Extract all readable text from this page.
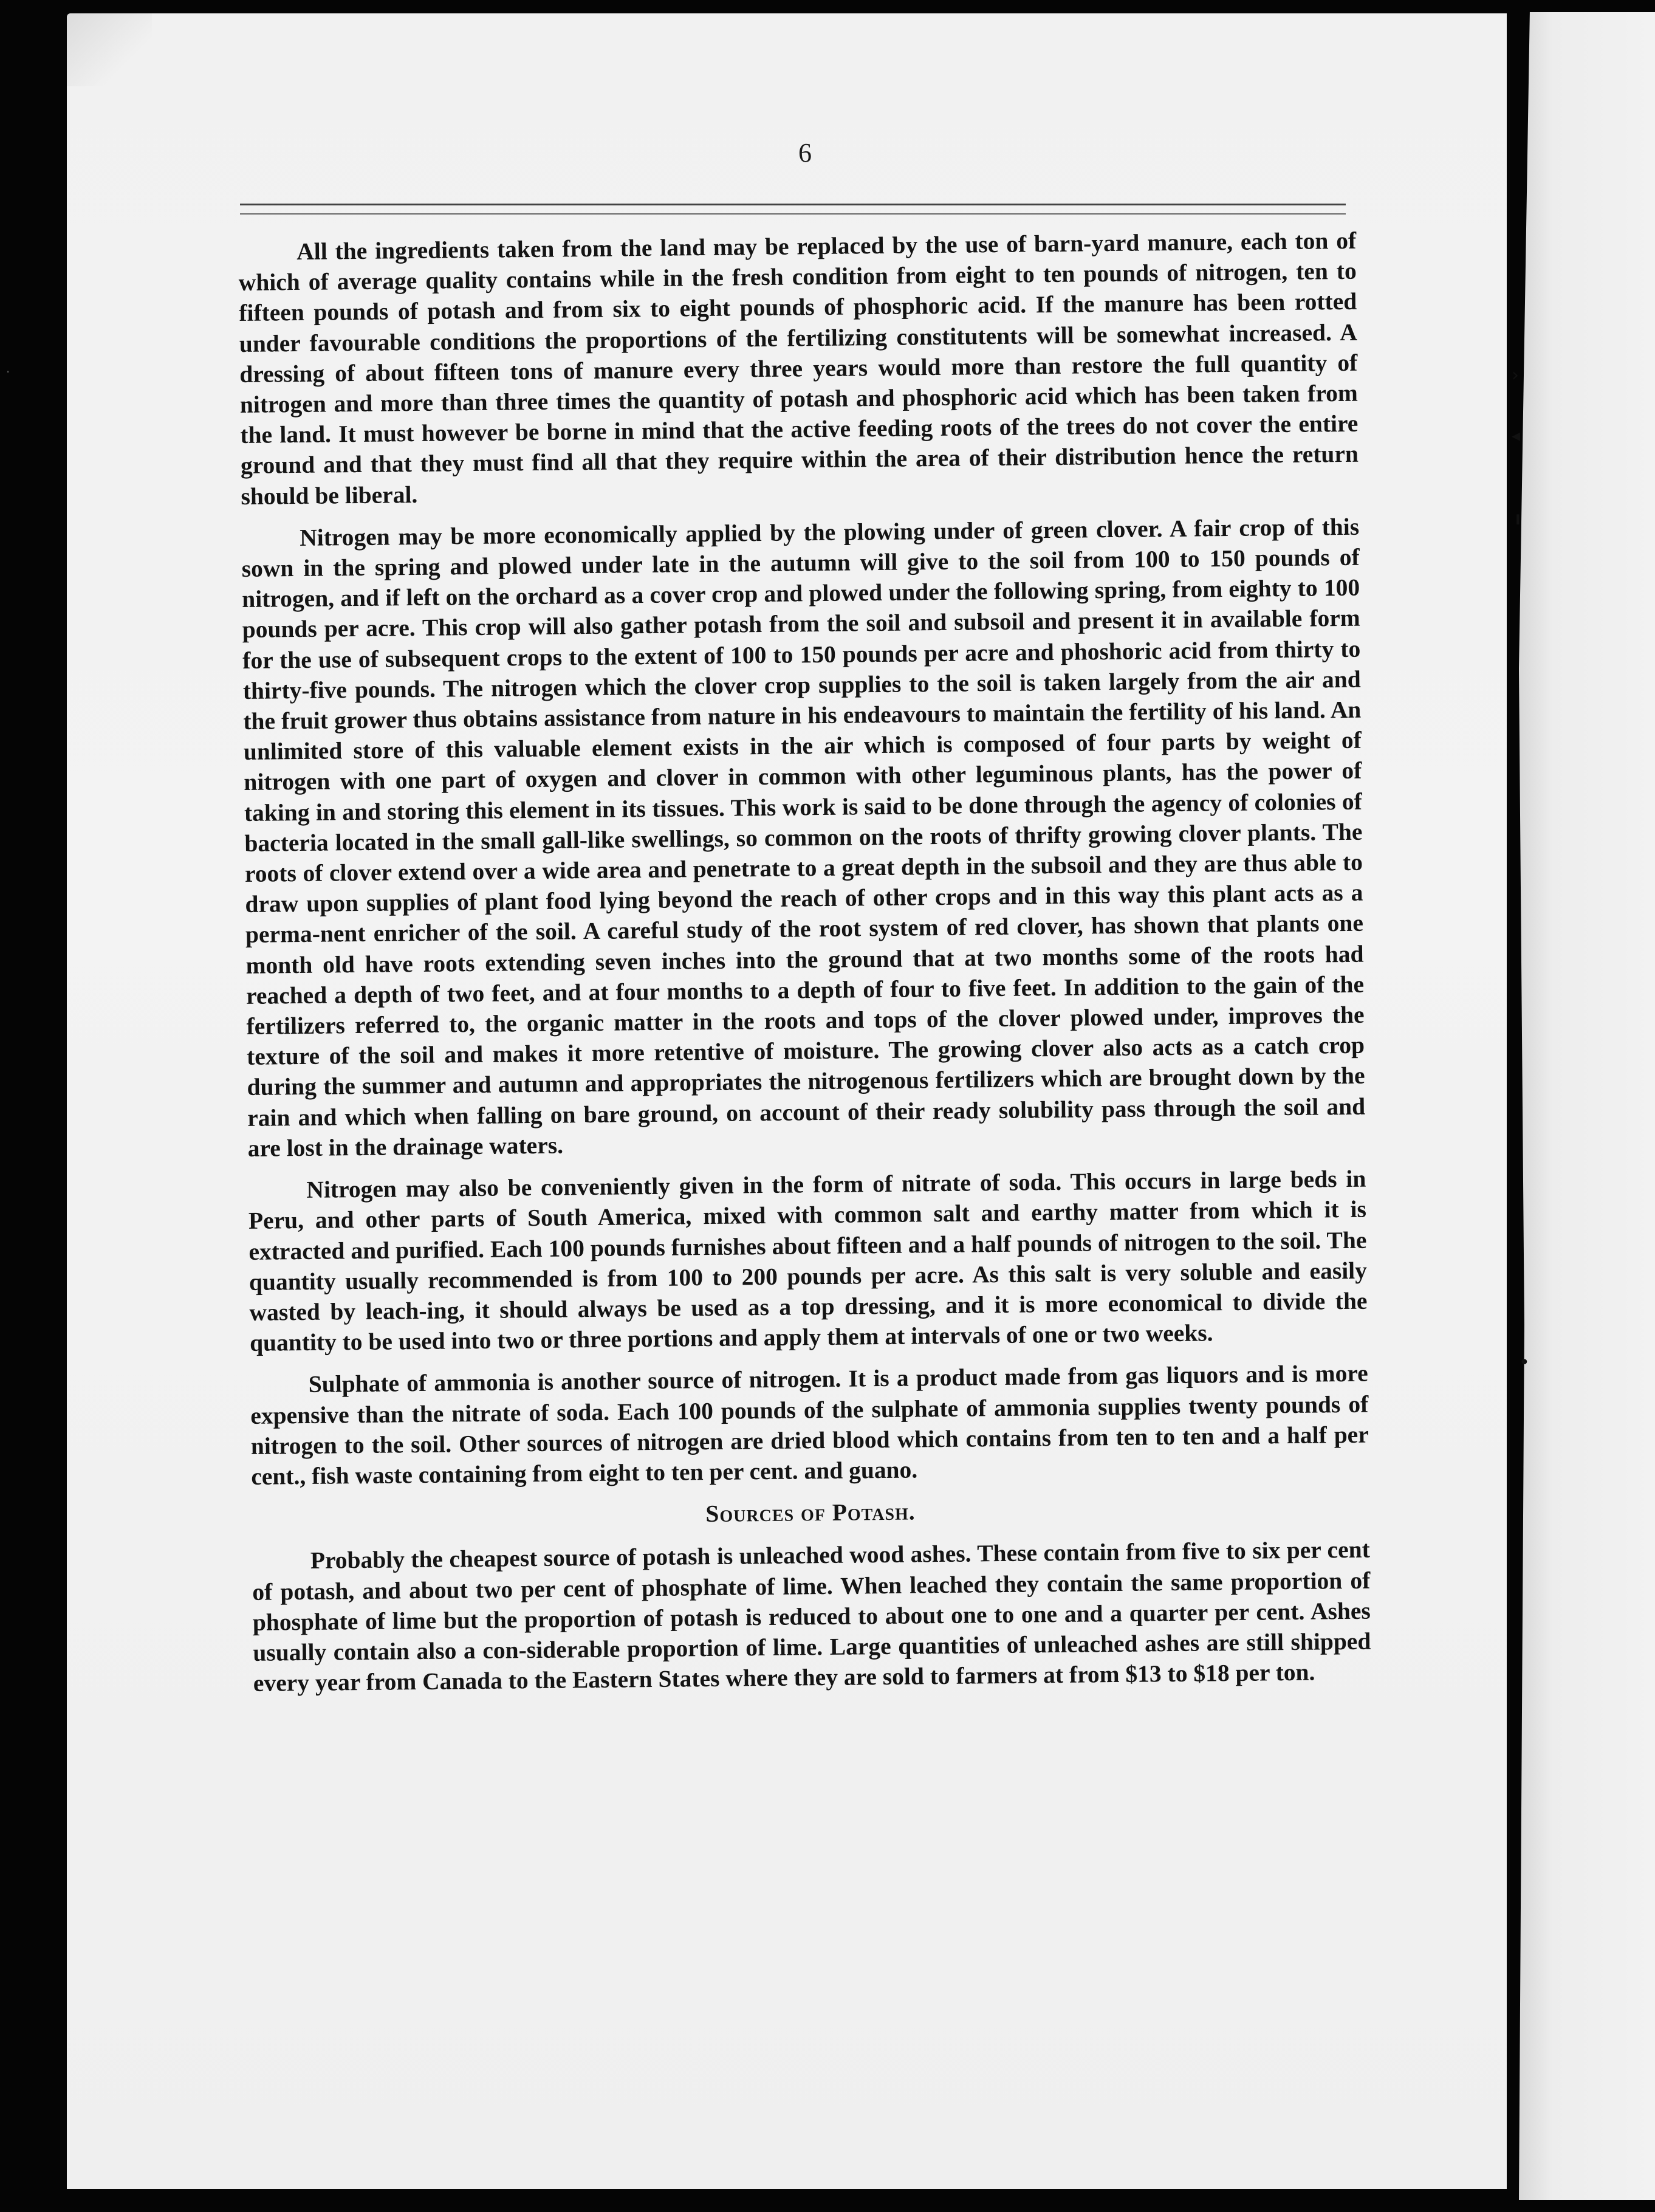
›
◂
╻
•
·
6

All the ingredients taken from the land may be replaced by the use of barn-yard manure, each ton of which of average quality contains while in the fresh condition from eight to ten pounds of nitrogen, ten to fifteen pounds of potash and from six to eight pounds of phosphoric acid. If the manure has been rotted under favourable conditions the proportions of the fertilizing constitutents will be somewhat increased. A dressing of about fifteen tons of manure every three years would more than restore the full quantity of nitrogen and more than three times the quantity of potash and phosphoric acid which has been taken from the land. It must however be borne in mind that the active feeding roots of the trees do not cover the entire ground and that they must find all that they require within the area of their distribution hence the return should be liberal.

Nitrogen may be more economically applied by the plowing under of green clover. A fair crop of this sown in the spring and plowed under late in the autumn will give to the soil from 100 to 150 pounds of nitrogen, and if left on the orchard as a cover crop and plowed under the following spring, from eighty to 100 pounds per acre. This crop will also gather potash from the soil and subsoil and present it in available form for the use of subsequent crops to the extent of 100 to 150 pounds per acre and phoshoric acid from thirty to thirty-five pounds. The nitrogen which the clover crop supplies to the soil is taken largely from the air and the fruit grower thus obtains assistance from nature in his endeavours to maintain the fertility of his land. An unlimited store of this valuable element exists in the air which is composed of four parts by weight of nitrogen with one part of oxygen and clover in common with other leguminous plants, has the power of taking in and storing this element in its tissues. This work is said to be done through the agency of colonies of bacteria located in the small gall-like swellings, so common on the roots of thrifty growing clover plants. The roots of clover extend over a wide area and penetrate to a great depth in the subsoil and they are thus able to draw upon supplies of plant food lying beyond the reach of other crops and in this way this plant acts as a perma-nent enricher of the soil. A careful study of the root system of red clover, has shown that plants one month old have roots extending seven inches into the ground that at two months some of the roots had reached a depth of two feet, and at four months to a depth of four to five feet. In addition to the gain of the fertilizers referred to, the organic matter in the roots and tops of the clover plowed under, improves the texture of the soil and makes it more retentive of moisture. The growing clover also acts as a catch crop during the summer and autumn and appropriates the nitrogenous fertilizers which are brought down by the rain and which when falling on bare ground, on account of their ready solubility pass through the soil and are lost in the drainage waters.

Nitrogen may also be conveniently given in the form of nitrate of soda. This occurs in large beds in Peru, and other parts of South America, mixed with common salt and earthy matter from which it is extracted and purified. Each 100 pounds furnishes about fifteen and a half pounds of nitrogen to the soil. The quantity usually recommended is from 100 to 200 pounds per acre. As this salt is very soluble and easily wasted by leach-ing, it should always be used as a top dressing, and it is more economical to divide the quantity to be used into two or three portions and apply them at intervals of one or two weeks.

Sulphate of ammonia is another source of nitrogen. It is a product made from gas liquors and is more expensive than the nitrate of soda. Each 100 pounds of the sulphate of ammonia supplies twenty pounds of nitrogen to the soil. Other sources of nitrogen are dried blood which contains from ten to ten and a half per cent., fish waste containing from eight to ten per cent. and guano.

Sources of Potash.

Probably the cheapest source of potash is unleached wood ashes. These contain from five to six per cent of potash, and about two per cent of phosphate of lime. When leached they contain the same proportion of phosphate of lime but the proportion of potash is reduced to about one to one and a quarter per cent. Ashes usually contain also a con-siderable proportion of lime. Large quantities of unleached ashes are still shipped every year from Canada to the Eastern States where they are sold to farmers at from $13 to $18 per ton.
